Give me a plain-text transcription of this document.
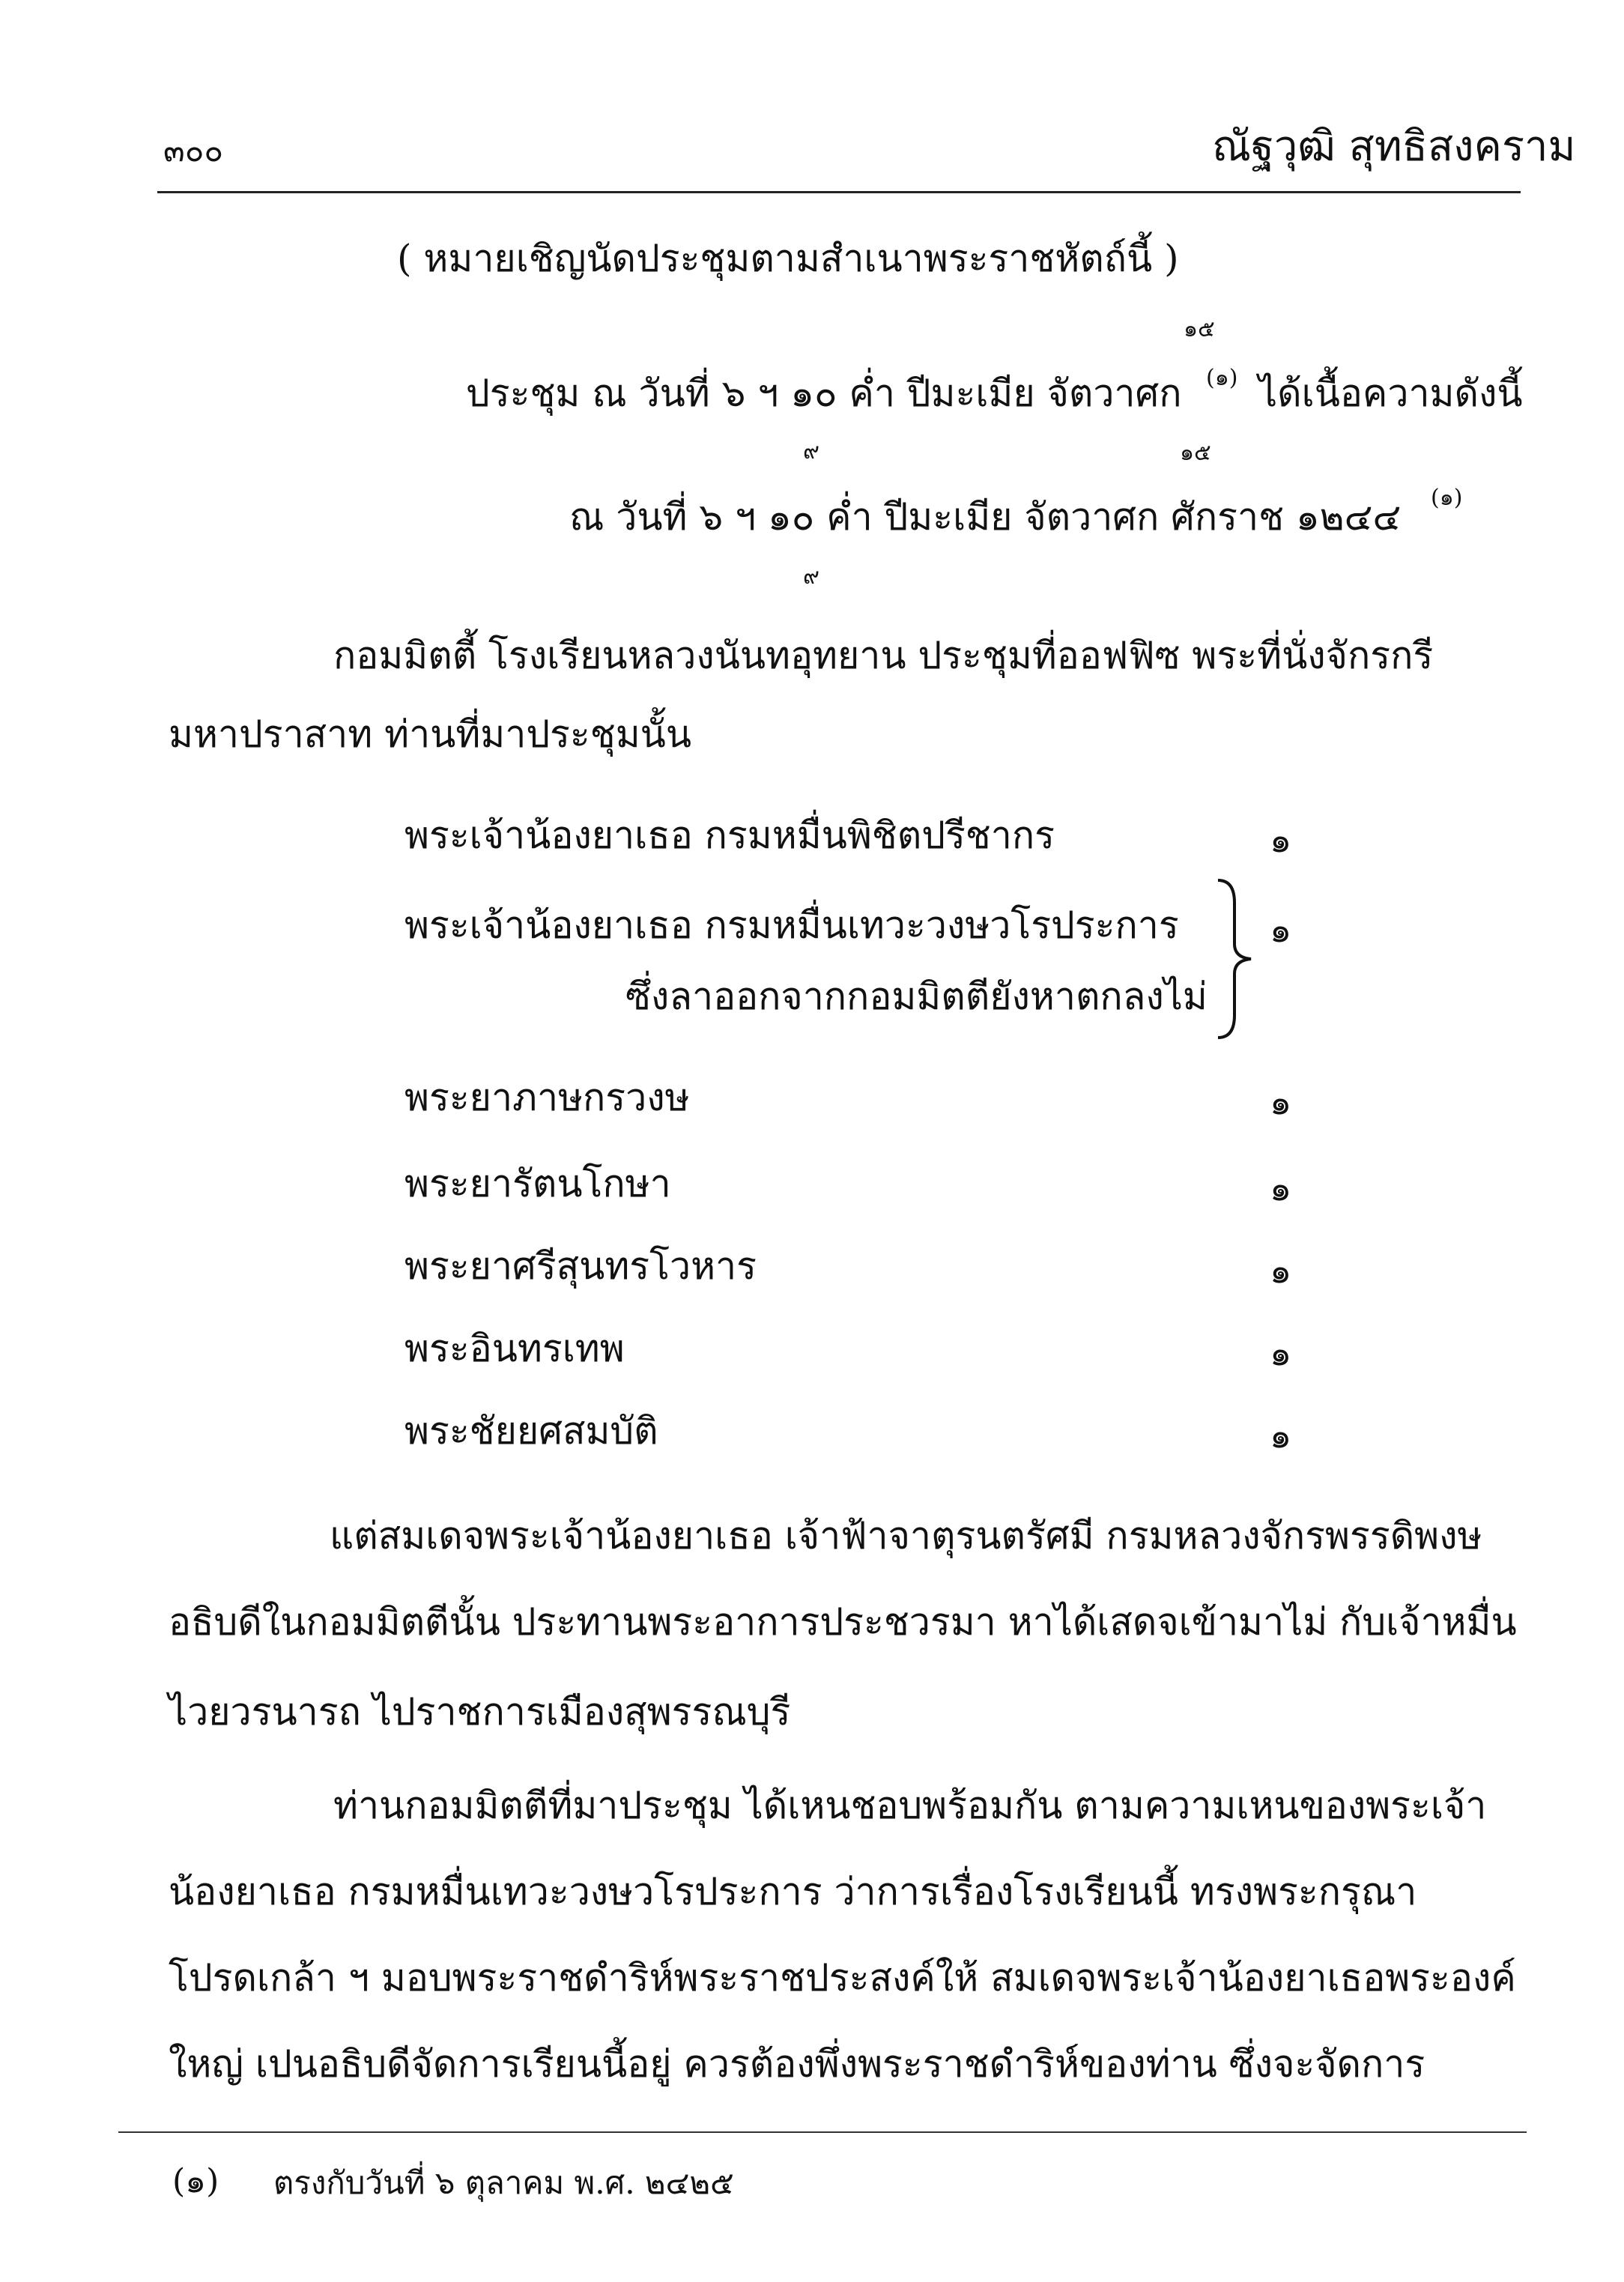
๓๐๐	ณัฐวุฒิ สุทธิสงคราม
( หมายเชิญนัดประชุมตามสำเนาพระราชหัตถ์นี้ )
๑๕
ประชุม ณ วันที่ ๖ ฯ ๑๐ ค่ำ ปีมะเมีย จัตวาศก (๑) ได้เนื้อความดังนี้
๙	๑๕
ณ วันที่ ๖ ฯ ๑๐ ค่ำ ปีมะเมีย จัตวาศก ศักราช ๑๒๔๔ (๑)
๙
กอมมิตตี้ โรงเรียนหลวงนันทอุทยาน ประชุมที่ออฟฟิซ พระที่นั่งจักรกรี
มหาปราสาท ท่านที่มาประชุมนั้น
พระเจ้าน้องยาเธอ กรมหมื่นพิชิตปรีชากร	๑
พระเจ้าน้องยาเธอ กรมหมื่นเทวะวงษวโรประการ	๑
ซึ่งลาออกจากกอมมิตตียังหาตกลงไม่
พระยาภาษกรวงษ	๑
พระยารัตนโกษา	๑
พระยาศรีสุนทรโวหาร	๑
พระอินทรเทพ	๑
พระชัยยศสมบัติ	๑
แต่สมเดจพระเจ้าน้องยาเธอ เจ้าฟ้าจาตุรนตรัศมี กรมหลวงจักรพรรดิพงษ
อธิบดีในกอมมิตตีนั้น ประทานพระอาการประชวรมา หาได้เสดจเข้ามาไม่ กับเจ้าหมื่น
ไวยวรนารถ ไปราชการเมืองสุพรรณบุรี
ท่านกอมมิตตีที่มาประชุม ได้เหนชอบพร้อมกัน ตามความเหนของพระเจ้า
น้องยาเธอ กรมหมื่นเทวะวงษวโรประการ ว่าการเรื่องโรงเรียนนี้ ทรงพระกรุณา
โปรดเกล้า ฯ มอบพระราชดำริห์พระราชประสงค์ให้ สมเดจพระเจ้าน้องยาเธอพระองค์
ใหญ่ เปนอธิบดีจัดการเรียนนี้อยู่ ควรต้องพึ่งพระราชดำริห์ของท่าน ซึ่งจะจัดการ
(๑) ตรงกับวันที่ ๖ ตุลาคม พ.ศ. ๒๔๒๕
